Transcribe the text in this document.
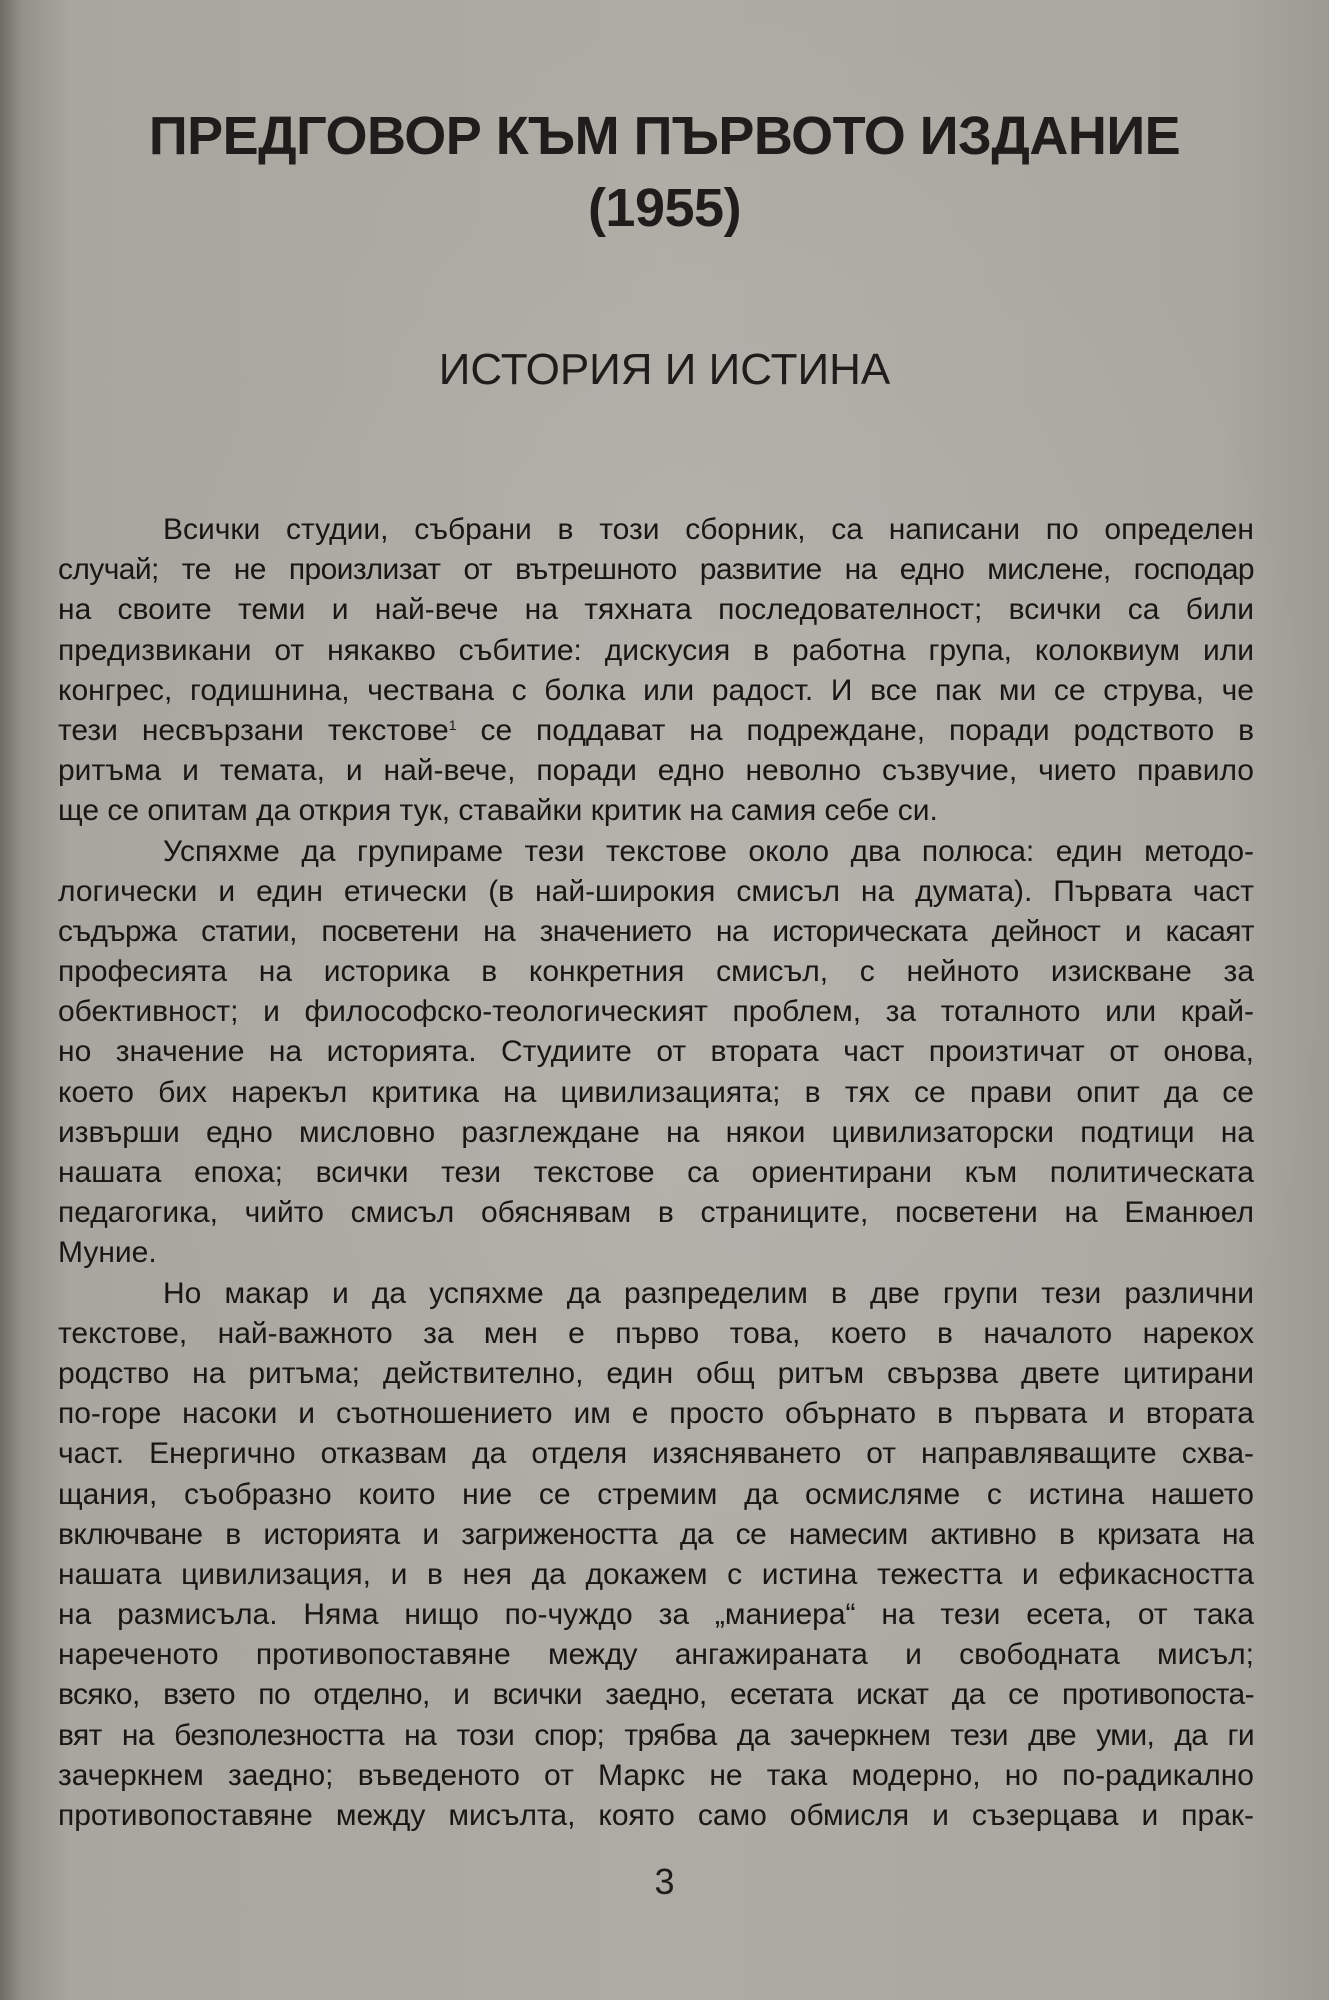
ПРЕДГОВОР КЪМ ПЪРВОТО ИЗДАНИЕ
(1955)
ИСТОРИЯ И ИСТИНА
Всички студии, събрани в този сборник, са написани по определен
случай; те не произлизат от вътрешното развитие на едно мислене, господар
на своите теми и най-вече на тяхната последователност; всички са били
предизвикани от някакво събитие: дискусия в работна група, колоквиум или
конгрес, годишнина, чествана с болка или радост. И все пак ми се струва, че
тези несвързани текстове$^1$ се поддават на подреждане, поради родството в
ритъма и темата, и най-вече, поради едно неволно съзвучие, чието правило
ще се опитам да открия тук, ставайки критик на самия себе си.
Успяхме да групираме тези текстове около два полюса: един методо-
логически и един етически (в най-широкия смисъл на думата). Първата част
съдържа статии, посветени на значението на историческата дейност и касаят
професията на историка в конкретния смисъл, с нейното изискване за
обективност; и философско-теологическият проблем, за тоталното или край-
но значение на историята. Студиите от втората част произтичат от онова,
което бих нарекъл критика на цивилизацията; в тях се прави опит да се
извърши едно мисловно разглеждане на някои цивилизаторски подтици на
нашата епоха; всички тези текстове са ориентирани към политическата
педагогика, чийто смисъл обяснявам в страниците, посветени на Еманюел
Муние.
Но макар и да успяхме да разпределим в две групи тези различни
текстове, най-важното за мен е първо това, което в началото нарекох
родство на ритъма; действително, един общ ритъм свързва двете цитирани
по-горе насоки и съотношението им е просто обърнато в първата и втората
част. Енергично отказвам да отделя изясняването от направляващите схва-
щания, съобразно които ние се стремим да осмисляме с истина нашето
включване в историята и загрижеността да се намесим активно в кризата на
нашата цивилизация, и в нея да докажем с истина тежестта и ефикасността
на размисъла. Няма нищо по-чуждо за „маниера“ на тези есета, от така
нареченото противопоставяне между ангажираната и свободната мисъл;
всяко, взето по отделно, и всички заедно, есетата искат да се противопоста-
вят на безполезността на този спор; трябва да зачеркнем тези две уми, да ги
зачеркнем заедно; въведеното от Маркс не така модерно, но по-радикално
противопоставяне между мисълта, която само обмисля и съзерцава и прак-
3
